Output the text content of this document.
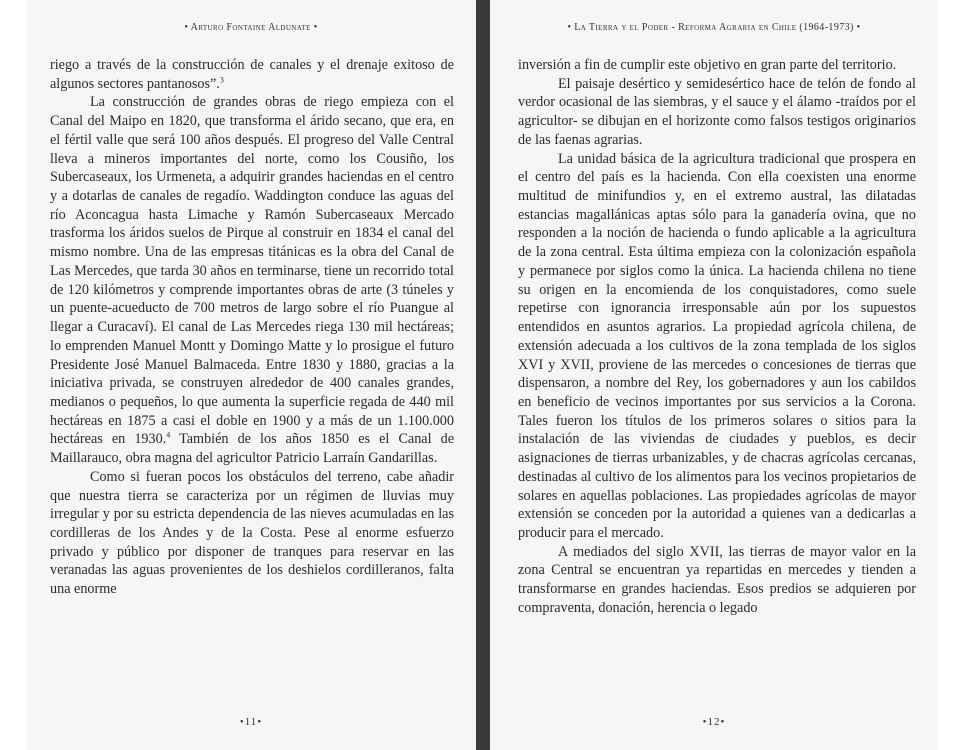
• Arturo Fontaine Aldunate •

riego a través de la construcción de canales y el drenaje exitoso de algunos sectores pantanosos”.$^3$

La construcción de grandes obras de riego empieza con el Canal del Maipo en 1820, que transforma el árido secano, que era, en el fértil valle que será 100 años después. El progreso del Valle Central lleva a mineros importantes del norte, como los Cousiño, los Subercaseaux, los Urmeneta, a adquirir grandes haciendas en el centro y a dotarlas de canales de regadío. Waddington conduce las aguas del río Aconcagua hasta Limache y Ramón Subercaseaux Mercado trasforma los áridos suelos de Pirque al construir en 1834 el canal del mismo nombre. Una de las empresas titánicas es la obra del Canal de Las Mercedes, que tarda 30 años en terminarse, tiene un recorrido total de 120 kilómetros y comprende importantes obras de arte (3 túneles y un puente-acueducto de 700 metros de largo sobre el río Puangue al llegar a Curacaví). El canal de Las Mercedes riega 130 mil hectáreas; lo emprenden Manuel Montt y Domingo Matte y lo prosigue el futuro Presidente José Manuel Balmaceda. Entre 1830 y 1880, gracias a la iniciativa privada, se construyen alrededor de 400 canales grandes, medianos o pequeños, lo que aumenta la superficie regada de 440 mil hectáreas en 1875 a casi el doble en 1900 y a más de un 1.100.000 hectáreas en 1930.$^4$ También de los años 1850 es el Canal de Maillarauco, obra magna del agricultor Patricio Larraín Gandarillas.

Como si fueran pocos los obstáculos del terreno, cabe añadir que nuestra tierra se caracteriza por un régimen de lluvias muy irregular y por su estricta dependencia de las nieves acumuladas en las cordilleras de los Andes y de la Costa. Pese al enorme esfuerzo privado y público por disponer de tranques para reservar en las veranadas las aguas provenientes de los deshielos cordilleranos, falta una enorme

•11•
• La Tierra y el Poder - Reforma Agraria en Chile (1964-1973) •

inversión a fin de cumplir este objetivo en gran parte del territorio.

El paisaje desértico y semidesértico hace de telón de fondo al verdor ocasional de las siembras, y el sauce y el álamo -traídos por el agricultor- se dibujan en el horizonte como falsos testigos originarios de las faenas agrarias.

La unidad básica de la agricultura tradicional que prospera en el centro del país es la hacienda. Con ella coexisten una enorme multitud de minifundios y, en el extremo austral, las dilatadas estancias magallánicas aptas sólo para la ganadería ovina, que no responden a la noción de hacienda o fundo aplicable a la agricultura de la zona central. Esta última empieza con la colonización española y permanece por siglos como la única. La hacienda chilena no tiene su origen en la encomienda de los conquistadores, como suele repetirse con ignorancia irresponsable aún por los supuestos entendidos en asuntos agrarios. La propiedad agrícola chilena, de extensión adecuada a los cultivos de la zona templada de los siglos XVI y XVII, proviene de las mercedes o concesiones de tierras que dispensaron, a nombre del Rey, los gobernadores y aun los cabildos en beneficio de vecinos importantes por sus servicios a la Corona. Tales fueron los títulos de los primeros solares o sitios para la instalación de las viviendas de ciudades y pueblos, es decir asignaciones de tierras urbanizables, y de chacras agrícolas cercanas, destinadas al cultivo de los alimentos para los vecinos propietarios de solares en aquellas poblaciones. Las propiedades agrícolas de mayor extensión se conceden por la autoridad a quienes van a dedicarlas a producir para el mercado.

A mediados del siglo XVII, las tierras de mayor valor en la zona Central se encuentran ya repartidas en mercedes y tienden a transformarse en grandes haciendas. Esos predios se adquieren por compraventa, donación, herencia o legado

•12•
